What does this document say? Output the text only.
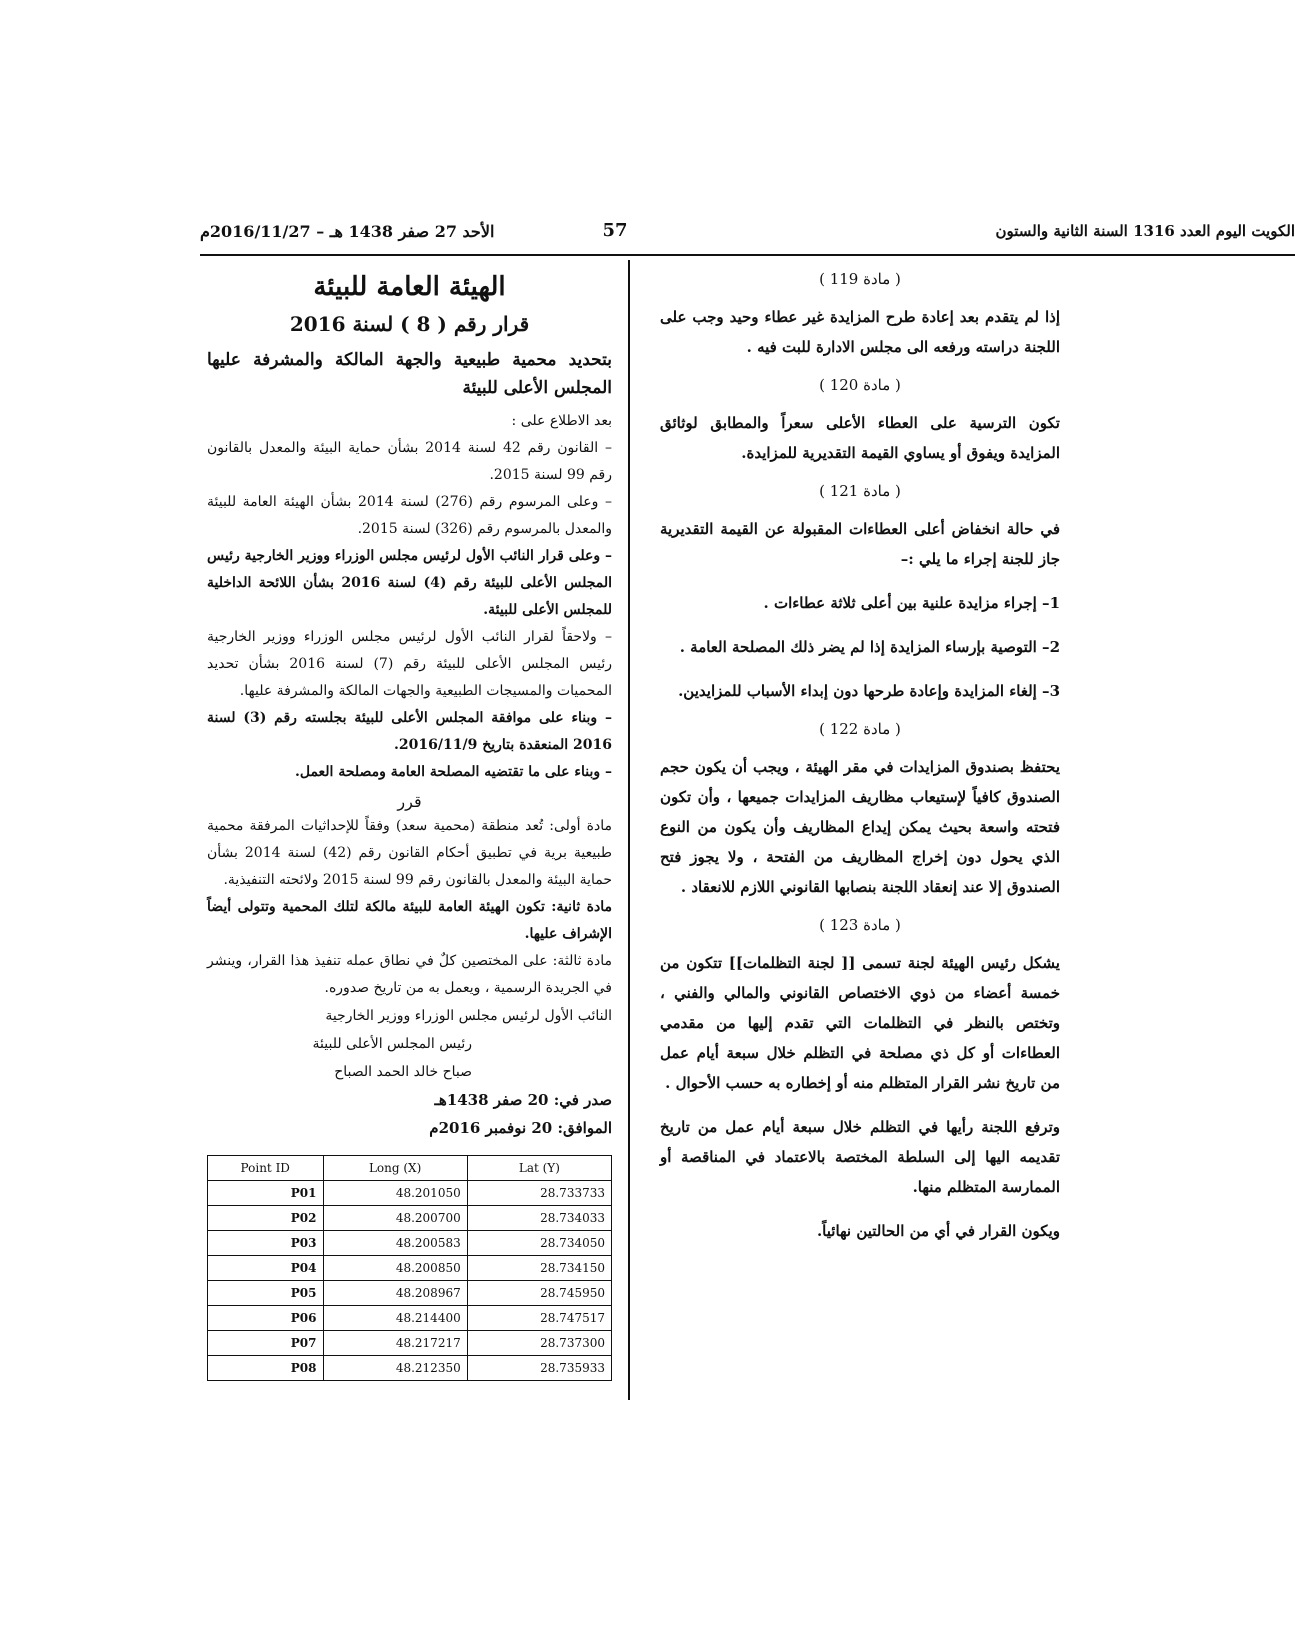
الكويت اليوم العدد 1316 السنة الثانية والستون
57
الأحد 27 صفر 1438 هـ – 2016/11/27م
( مادة 119 )
إذا لم يتقدم بعد إعادة طرح المزايدة غير عطاء وحيد وجب على اللجنة دراسته ورفعه الى مجلس الادارة للبت فيه .
( مادة 120 )
تكون الترسية على العطاء الأعلى سعراً والمطابق لوثائق المزايدة ويفوق أو يساوي القيمة التقديرية للمزايدة.
( مادة 121 )
في حالة انخفاض أعلى العطاءات المقبولة عن القيمة التقديرية جاز للجنة إجراء ما يلي :–
1– إجراء مزايدة علنية بين أعلى ثلاثة عطاءات .
2– التوصية بإرساء المزايدة إذا لم يضر ذلك المصلحة العامة .
3– إلغاء المزايدة وإعادة طرحها دون إبداء الأسباب للمزايدين.
( مادة 122 )
يحتفظ بصندوق المزايدات في مقر الهيئة ، ويجب أن يكون حجم الصندوق كافياً لإستيعاب مظاريف المزايدات جميعها ، وأن تكون فتحته واسعة بحيث يمكن إيداع المظاريف وأن يكون من النوع الذي يحول دون إخراج المظاريف من الفتحة ، ولا يجوز فتح الصندوق إلا عند إنعقاد اللجنة بنصابها القانوني اللازم للانعقاد .
( مادة 123 )
يشكل رئيس الهيئة لجنة تسمى [[ لجنة التظلمات]] تتكون من خمسة أعضاء من ذوي الاختصاص القانوني والمالي والفني ، وتختص بالنظر في التظلمات التي تقدم إليها من مقدمي العطاءات أو كل ذي مصلحة في التظلم خلال سبعة أيام عمل من تاريخ نشر القرار المتظلم منه أو إخطاره به حسب الأحوال .
وترفع اللجنة رأيها في التظلم خلال سبعة أيام عمل من تاريخ تقديمه اليها إلى السلطة المختصة بالاعتماد في المناقصة أو الممارسة المتظلم منها.
ويكون القرار في أي من الحالتين نهائياً.
الهيئة العامة للبيئة
قرار رقم ( 8 ) لسنة 2016
بتحديد محمية طبيعية والجهة المالكة والمشرفة عليها المجلس الأعلى للبيئة
بعد الاطلاع على :
– القانون رقم 42 لسنة 2014 بشأن حماية البيئة والمعدل بالقانون رقم 99 لسنة 2015.
– وعلى المرسوم رقم (276) لسنة 2014 بشأن الهيئة العامة للبيئة والمعدل بالمرسوم رقم (326) لسنة 2015.
– وعلى قرار النائب الأول لرئيس مجلس الوزراء ووزير الخارجية رئيس المجلس الأعلى للبيئة رقم (4) لسنة 2016 بشأن اللائحة الداخلية للمجلس الأعلى للبيئة.
– ولاحقاً لقرار النائب الأول لرئيس مجلس الوزراء ووزير الخارجية رئيس المجلس الأعلى للبيئة رقم (7) لسنة 2016 بشأن تحديد المحميات والمسيجات الطبيعية والجهات المالكة والمشرفة عليها.
– وبناء على موافقة المجلس الأعلى للبيئة بجلسته رقم (3) لسنة 2016 المنعقدة بتاريخ 2016/11/9.
– وبناء على ما تقتضيه المصلحة العامة ومصلحة العمل.
قرر
مادة أولى: تُعد منطقة (محمية سعد) وفقاً للإحداثيات المرفقة محمية طبيعية برية في تطبيق أحكام القانون رقم (42) لسنة 2014 بشأن حماية البيئة والمعدل بالقانون رقم 99 لسنة 2015 ولائحته التنفيذية.
مادة ثانية: تكون الهيئة العامة للبيئة مالكة لتلك المحمية وتتولى أيضاً الإشراف عليها.
مادة ثالثة: على المختصين كلٌ في نطاق عمله تنفيذ هذا القرار، وينشر في الجريدة الرسمية ، ويعمل به من تاريخ صدوره.
النائب الأول لرئيس مجلس الوزراء ووزير الخارجية
رئيس المجلس الأعلى للبيئة
صباح خالد الحمد الصباح
صدر في: 20 صفر 1438هـ
الموافق: 20 نوفمبر 2016م
Point ID	Long (X)	Lat (Y)
P01	48.201050	28.733733
P02	48.200700	28.734033
P03	48.200583	28.734050
P04	48.200850	28.734150
P05	48.208967	28.745950
P06	48.214400	28.747517
P07	48.217217	28.737300
P08	48.212350	28.735933
